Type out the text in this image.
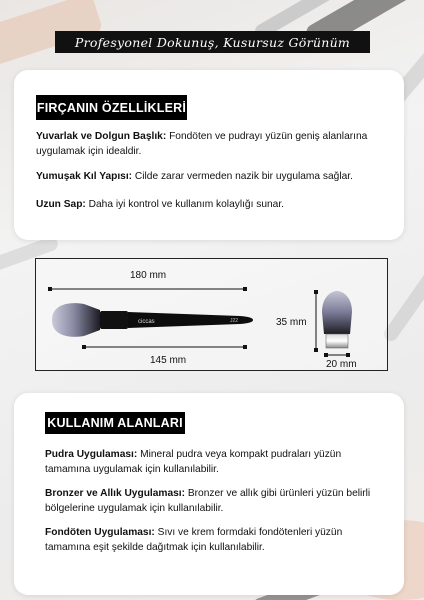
Profesyonel Dokunuş, Kusursuz Görünüm
FIRÇANIN ÖZELLİKLERİ
Yuvarlak ve Dolgun Başlık: Fondöten ve pudrayı yüzün geniş alanlarına uygulamak için idealdir.
Yumuşak Kıl Yapısı: Cilde zarar vermeden nazik bir uygulama sağlar.
Uzun Sap: Daha iyi kontrol ve kullanım kolaylığı sunar.
ciccas	J22
180 mm
145 mm
35 mm
20 mm
KULLANIM ALANLARI
Pudra Uygulaması: Mineral pudra veya kompakt pudraları yüzün tamamına uygulamak için kullanılabilir.
Bronzer ve Allık Uygulaması: Bronzer ve allık gibi ürünleri yüzün belirli bölgelerine uygulamak için kullanılabilir.
Fondöten Uygulaması: Sıvı ve krem formdaki fondötenleri yüzün tamamına eşit şekilde dağıtmak için kullanılabilir.
